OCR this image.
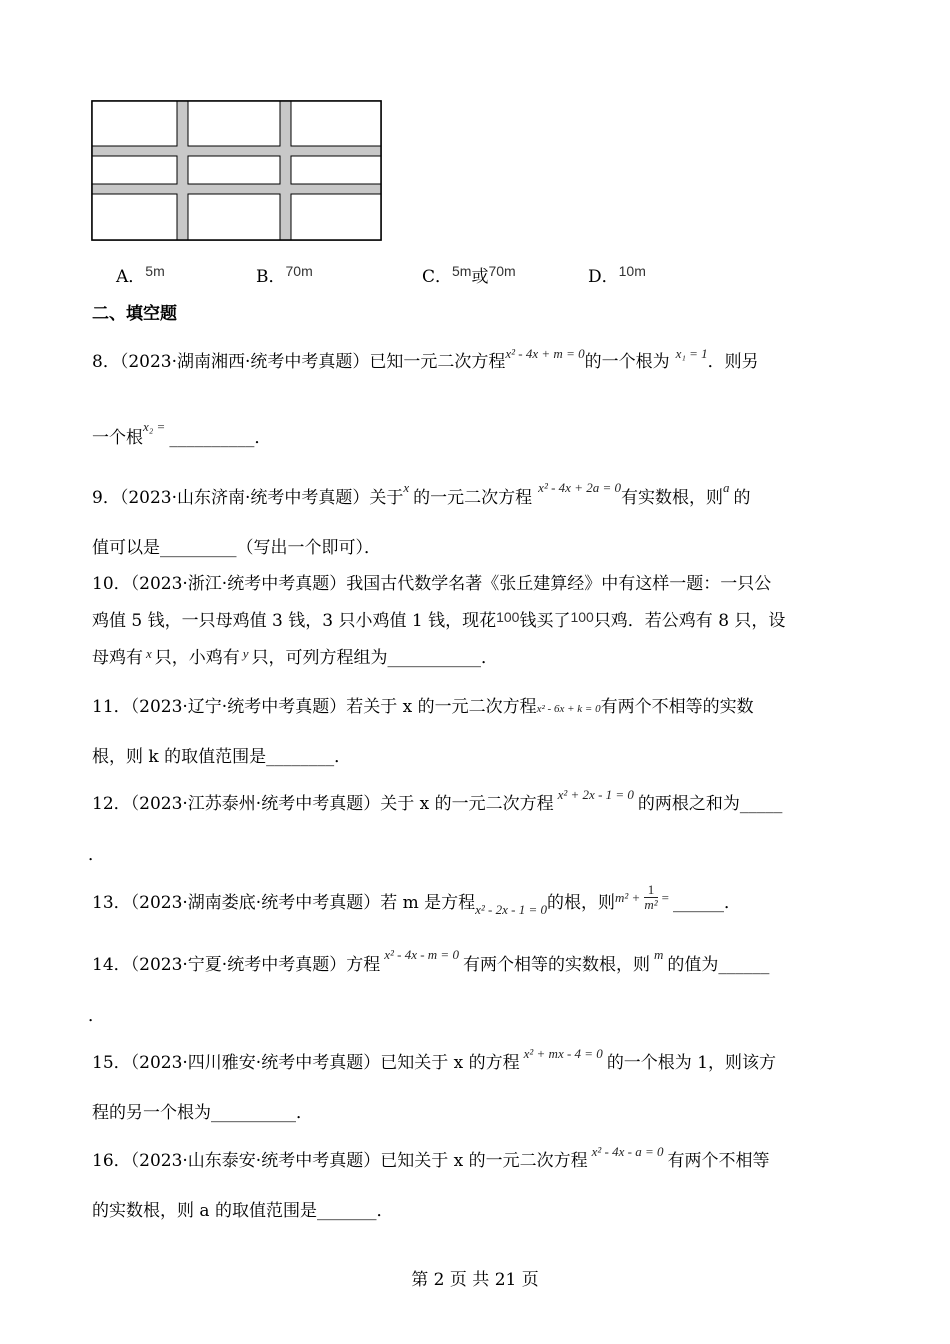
A．$^{5m}$	B．$^{70m}$	C．$^{5m}$或$^{70m}$	D．$^{10m}$
二、填空题
8．（2023·湖南湘西·统考中考真题）已知一元二次方程$^{x^2 - 4x + m = 0}$的一个根为 $^{x_1 = 1}$．则另
一个根$^{x_2 =}$__________．
9．（2023·山东济南·统考中考真题）关于$^x$的一元二次方程$^{x^2 - 4x + 2a = 0}$有实数根，则$^a$的
值可以是_________（写出一个即可）．
10．（2023·浙江·统考中考真题）我国古代数学名著《张丘建算经》中有这样一题：一只公
鸡值 5 钱，一只母鸡值 3 钱，3 只小鸡值 1 钱，现花$^{100}$钱买了$^{100}$只鸡．若公鸡有 8 只，设
母鸡有 $^x$ 只，小鸡有 $^y$ 只，可列方程组为___________．
11．（2023·辽宁·统考中考真题）若关于 x 的一元二次方程x² - 6x + k = 0有两个不相等的实数
根，则 k 的取值范围是________．
12．（2023·江苏泰州·统考中考真题）关于 x 的一元二次方程 $^{x^2 + 2x - 1 = 0}$ 的两根之和为_____
．
13．（2023·湖南娄底·统考中考真题）若 m 是方程$_{x^2 - 2x - 1 = 0}$的根，则$^{m^2 +} \frac{1}{\text{m²}} ^=$ ______．
14．（2023·宁夏·统考中考真题）方程$^{x^2 - 4x - m = 0}$有两个相等的实数根，则$^m$的值为______
．
15．（2023·四川雅安·统考中考真题）已知关于 x 的方程 $^{x^2 + mx - 4 = 0}$ 的一个根为 1，则该方
程的另一个根为__________．
16．（2023·山东泰安·统考中考真题）已知关于 x 的一元二次方程 $^{x^2 - 4x - a = 0}$ 有两个不相等
的实数根，则 a 的取值范围是_______．
第 2 页 共 21 页
